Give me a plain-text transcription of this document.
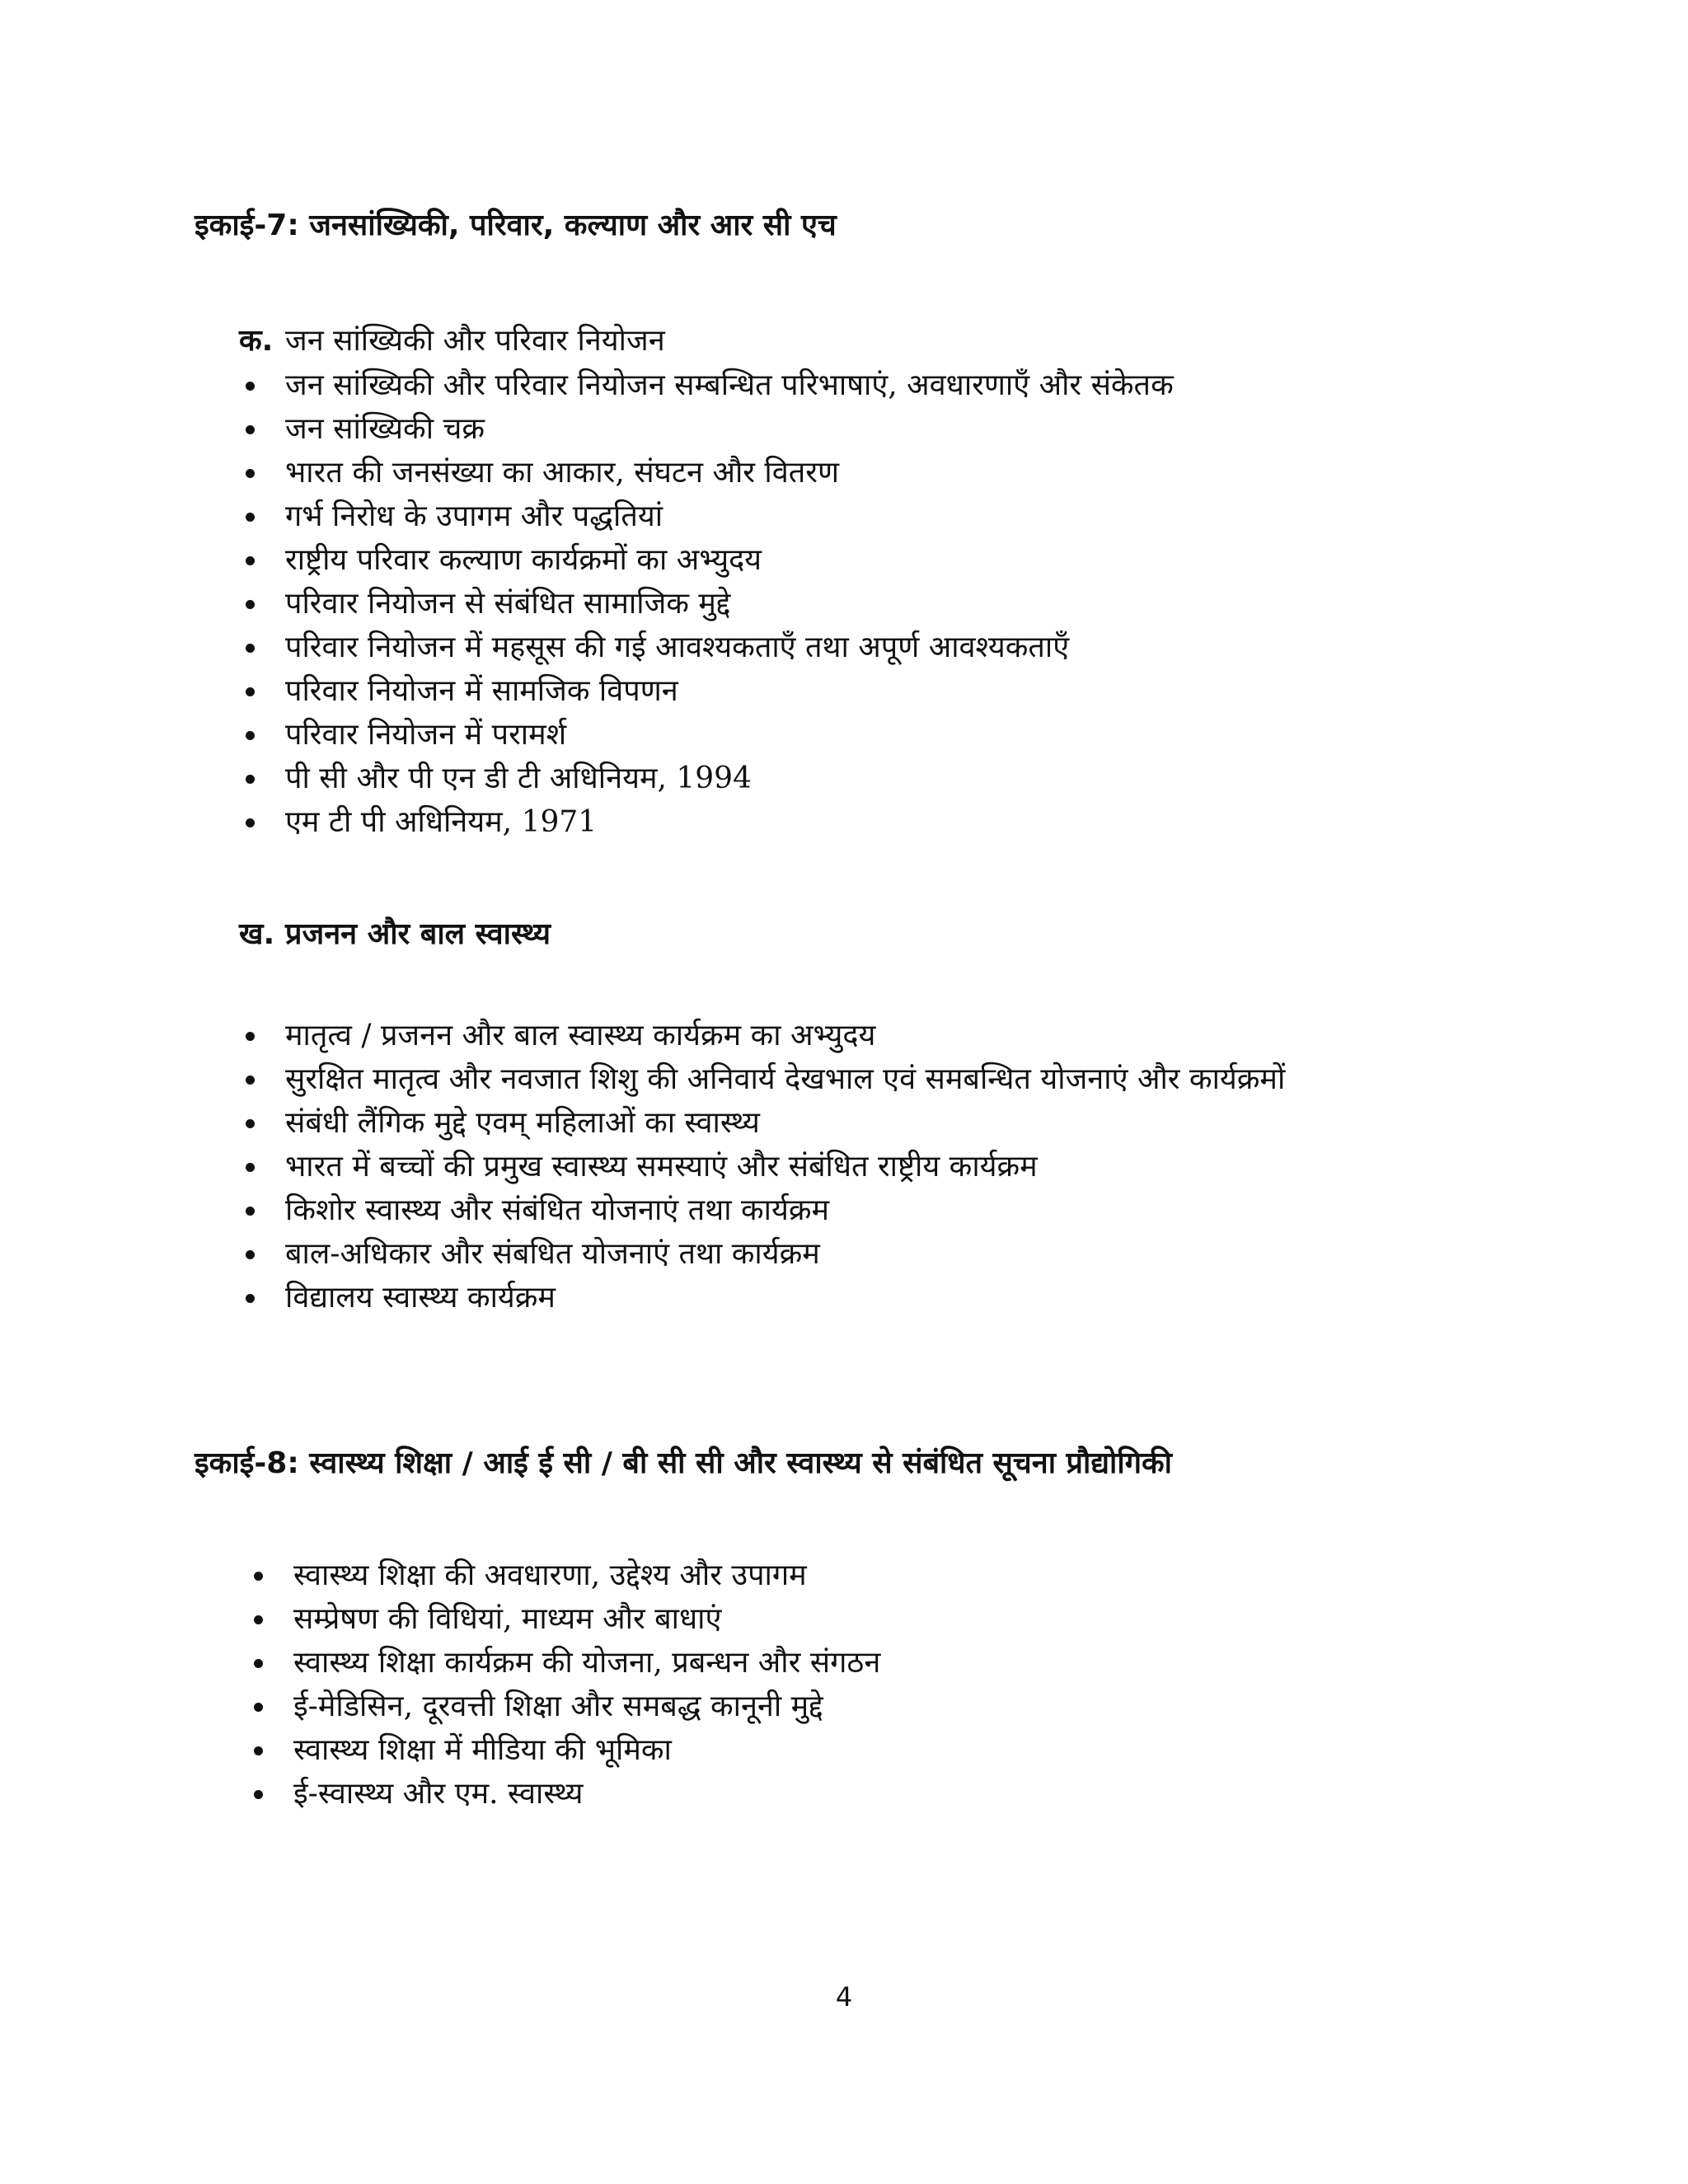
इकाई-7: जनसांख्यिकी, परिवार, कल्याण और आर सी एच
क. जन सांख्यिकी और परिवार नियोजन
जन सांख्यिकी और परिवार नियोजन सम्बन्धित परिभाषाएं, अवधारणाएँ और संकेतक
जन सांख्यिकी चक्र
भारत की जनसंख्या का आकार, संघटन और वितरण
गर्भ निरोध के उपागम और पद्धतियां
राष्ट्रीय परिवार कल्याण कार्यक्रमों का अभ्युदय
परिवार नियोजन से संबंधित सामाजिक मुद्दे
परिवार नियोजन में महसूस की गई आवश्यकताएँ तथा अपूर्ण आवश्यकताएँ
परिवार नियोजन में सामजिक विपणन
परिवार नियोजन में परामर्श
पी सी और पी एन डी टी अधिनियम, 1994
एम टी पी अधिनियम, 1971
ख. प्रजनन और बाल स्वास्थ्य
मातृत्व / प्रजनन और बाल स्वास्थ्य कार्यक्रम का अभ्युदय
सुरक्षित मातृत्व और नवजात शिशु की अनिवार्य देखभाल एवं समबन्धित योजनाएं और कार्यक्रमों
संबंधी लैंगिक मुद्दे एवम् महिलाओं का स्वास्थ्य
भारत में बच्चों की प्रमुख स्वास्थ्य समस्याएं और संबंधित राष्ट्रीय कार्यक्रम
किशोर स्वास्थ्य और संबंधित योजनाएं तथा कार्यक्रम
बाल-अधिकार और संबधित योजनाएं तथा कार्यक्रम
विद्यालय स्वास्थ्य कार्यक्रम
इकाई-8: स्वास्थ्य शिक्षा / आई ई सी / बी सी सी और स्वास्थ्य से संबंधित सूचना प्रौद्योगिकी
स्वास्थ्य शिक्षा की अवधारणा, उद्देश्य और उपागम
सम्प्रेषण की विधियां, माध्यम और बाधाएं
स्वास्थ्य शिक्षा कार्यक्रम की योजना, प्रबन्धन और संगठन
ई-मेडिसिन, दूरवत्ती शिक्षा और समबद्ध कानूनी मुद्दे
स्वास्थ्य शिक्षा में मीडिया की भूमिका
ई-स्वास्थ्य और एम. स्वास्थ्य
4
